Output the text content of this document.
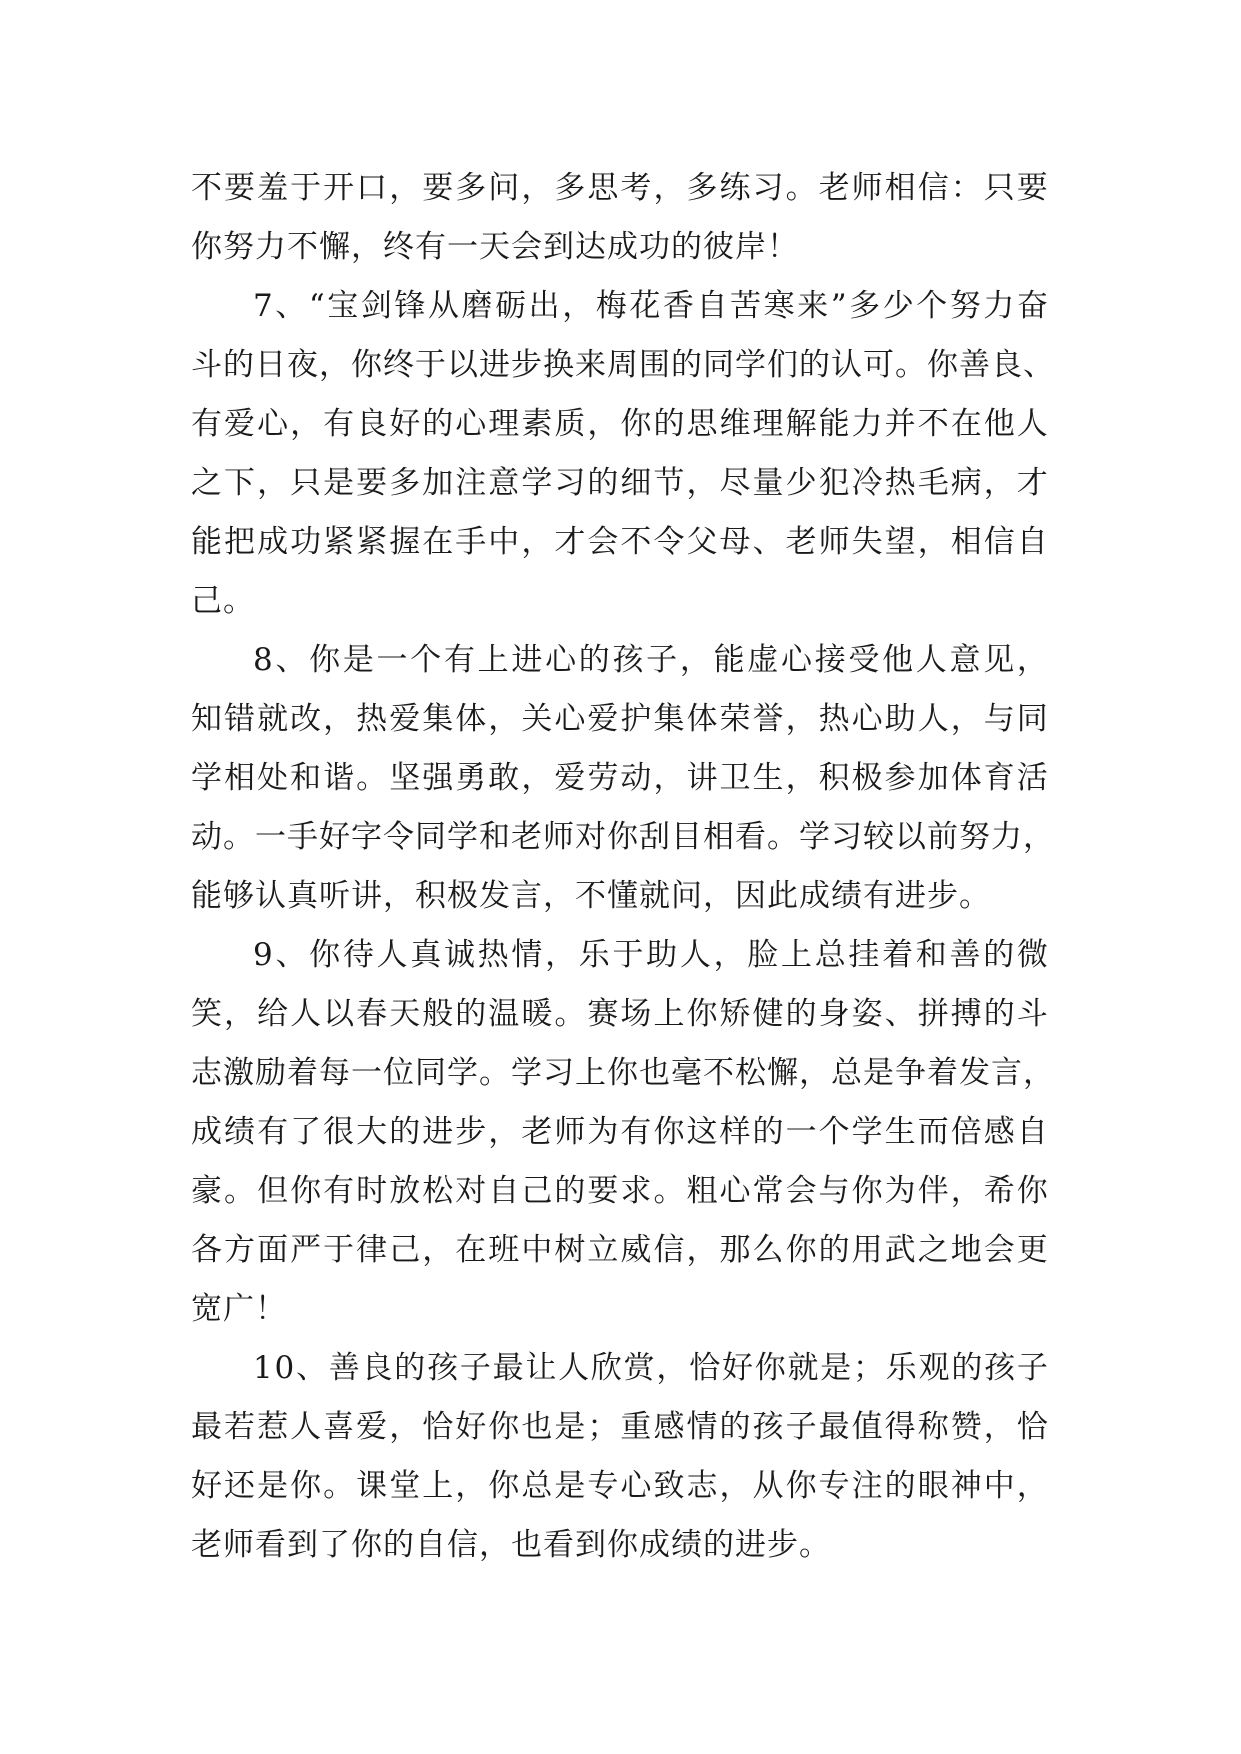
不 要 羞 于 开 口 ， 要 多 问 ， 多 思 考 ， 多 练 习 。 老 师 相 信 ： 只 要
你努力不懈，终有一天会到达成功的彼岸！
7 、 “ 宝 剑 锋 从 磨 砺 出 ， 梅 花 香 自 苦 寒 来 ” 多 少 个 努 力 奋
斗 的 日 夜 ， 你 终 于 以 进 步 换 来 周 围 的 同 学 们 的 认 可 。 你 善 良 、
有 爱 心 ， 有 良 好 的 心 理 素 质 ， 你 的 思 维 理 解 能 力 并 不 在 他 人
之 下 ， 只 是 要 多 加 注 意 学 习 的 细 节 ， 尽 量 少 犯 冷 热 毛 病 ， 才
能 把 成 功 紧 紧 握 在 手 中 ， 才 会 不 令 父 母 、 老 师 失 望 ， 相 信 自
己。
8 、 你 是 一 个 有 上 进 心 的 孩 子 ， 能 虚 心 接 受 他 人 意 见 ，
知 错 就 改 ， 热 爱 集 体 ， 关 心 爱 护 集 体 荣 誉 ， 热 心 助 人 ， 与 同
学 相 处 和 谐 。 坚 强 勇 敢 ， 爱 劳 动 ， 讲 卫 生 ， 积 极 参 加 体 育 活
动 。 一 手 好 字 令 同 学 和 老 师 对 你 刮 目 相 看 。 学 习 较 以 前 努 力 ，
能够认真听讲，积极发言，不懂就问，因此成绩有进步。
9 、 你 待 人 真 诚 热 情 ， 乐 于 助 人 ， 脸 上 总 挂 着 和 善 的 微
笑 ， 给 人 以 春 天 般 的 温 暖 。 赛 场 上 你 矫 健 的 身 姿 、 拼 搏 的 斗
志 激 励 着 每 一 位 同 学 。 学 习 上 你 也 毫 不 松 懈 ， 总 是 争 着 发 言 ，
成 绩 有 了 很 大 的 进 步 ， 老 师 为 有 你 这 样 的 一 个 学 生 而 倍 感 自
豪 。 但 你 有 时 放 松 对 自 己 的 要 求 。 粗 心 常 会 与 你 为 伴 ， 希 你
各 方 面 严 于 律 己 ， 在 班 中 树 立 威 信 ， 那 么 你 的 用 武 之 地 会 更
宽广！
1 0 、 善 良 的 孩 子 最 让 人 欣 赏 ， 恰 好 你 就 是 ； 乐 观 的 孩 子
最 若 惹 人 喜 爱 ， 恰 好 你 也 是 ； 重 感 情 的 孩 子 最 值 得 称 赞 ， 恰
好 还 是 你 。 课 堂 上 ， 你 总 是 专 心 致 志 ， 从 你 专 注 的 眼 神 中 ，
老师看到了你的自信，也看到你成绩的进步。
